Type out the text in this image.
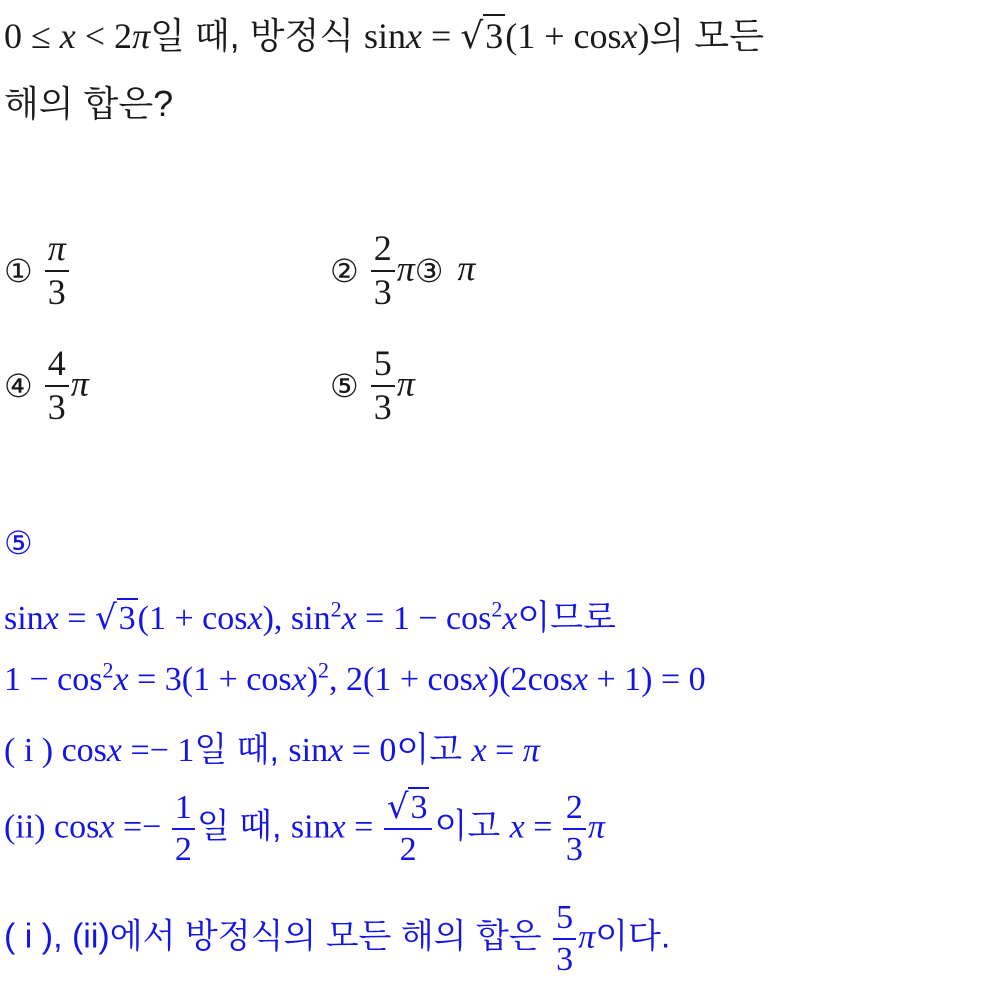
0 ≤ x < 2π일 때, 방정식 sinx = √3(1 + cosx)의 모든
해의 합은?
① $\frac{\pi}{3}$	② $\frac{2}{3}$ π③ π
④ $\frac{4}{3}$ π	⑤ $\frac{5}{3}$ π
⑤
sinx = √3(1 + cosx), $\sin^2x = 1 - \cos^2x$이므로
$1 - \cos^2x = 3(1 + \cos x)^2$, 2(1 + cosx)(2cosx + 1) = 0
( i ) cosx =− 1일 때, sinx = 0이고 x = π
(ii) $\cos x =- \frac{1}{2}$ 일 때, $\sin x = \frac{√3}{2}$ 이고 $x = \frac{2}{3}$ π
( i ), (ii)에서 방정식의 모든 해의 합은 $\frac{5}{3}$ π이다.
